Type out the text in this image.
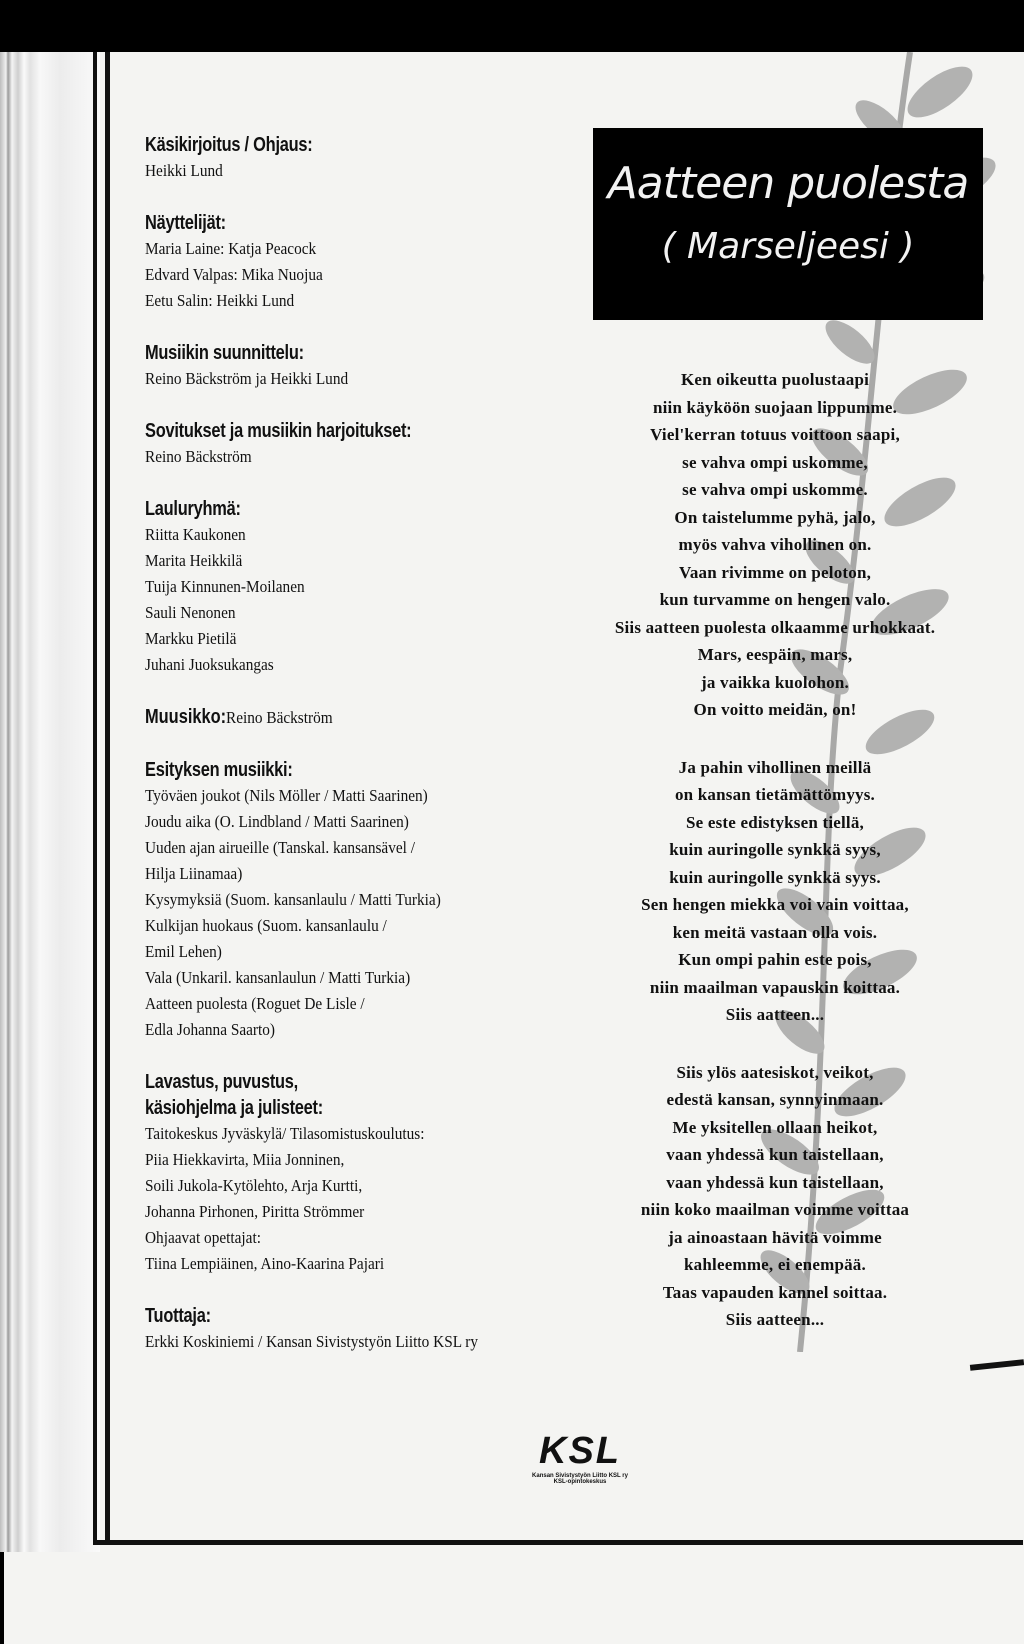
Käsikirjoitus / Ohjaus:
Heikki Lund
Näyttelijät:
Maria Laine: Katja Peacock
Edvard Valpas: Mika Nuojua
Eetu Salin: Heikki Lund
Musiikin suunnittelu:
Reino Bäckström ja Heikki Lund
Sovitukset ja musiikin harjoitukset:
Reino Bäckström
Lauluryhmä:
Riitta Kaukonen
Marita Heikkilä
Tuija Kinnunen-Moilanen
Sauli Nenonen
Markku Pietilä
Juhani Juoksukangas
Muusikko: Reino Bäckström
Esityksen musiikki:
Työväen joukot (Nils Möller / Matti Saarinen)
Joudu aika (O. Lindbland / Matti Saarinen)
Uuden ajan airueille (Tanskal. kansansävel /
Hilja Liinamaa)
Kysymyksiä (Suom. kansanlaulu / Matti Turkia)
Kulkijan huokaus (Suom. kansanlaulu /
Emil Lehen)
Vala (Unkaril. kansanlaulun / Matti Turkia)
Aatteen puolesta (Roguet De Lisle /
Edla Johanna Saarto)
Lavastus, puvustus,
käsiohjelma ja julisteet:
Taitokeskus Jyväskylä/ Tilasomistuskoulutus:
Piia Hiekkavirta, Miia Jonninen,
Soili Jukola-Kytölehto, Arja Kurtti,
Johanna Pirhonen, Piritta Strömmer
Ohjaavat opettajat:
Tiina Lempiäinen, Aino-Kaarina Pajari
Tuottaja:
Erkki Koskiniemi / Kansan Sivistystyön Liitto KSL ry
Aatteen puolesta
( Marseljeesi )
Ken oikeutta puolustaapi
niin käyköön suojaan lippumme.
Viel'kerran totuus voittoon saapi,
se vahva ompi uskomme,
se vahva ompi uskomme.
On taistelumme pyhä, jalo,
myös vahva vihollinen on.
Vaan rivimme on peloton,
kun turvamme on hengen valo.
Siis aatteen puolesta olkaamme urhokkaat.
Mars, eespäin, mars,
ja vaikka kuolohon.
On voitto meidän, on!
Ja pahin vihollinen meillä
on kansan tietämättömyys.
Se este edistyksen tiellä,
kuin auringolle synkkä syys,
kuin auringolle synkkä syys.
Sen hengen miekka voi vain voittaa,
ken meitä vastaan olla vois.
Kun ompi pahin este pois,
niin maailman vapauskin koittaa.
Siis aatteen...
Siis ylös aatesiskot, veikot,
edestä kansan, synnyinmaan.
Me yksitellen ollaan heikot,
vaan yhdessä kun taistellaan,
vaan yhdessä kun taistellaan,
niin koko maailman voimme voittaa
ja ainoastaan hävitä voimme
kahleemme, ei enempää.
Taas vapauden kannel soittaa.
Siis aatteen...
KSL
Kansan Sivistystyön Liitto KSL ry
KSL-opintokeskus
